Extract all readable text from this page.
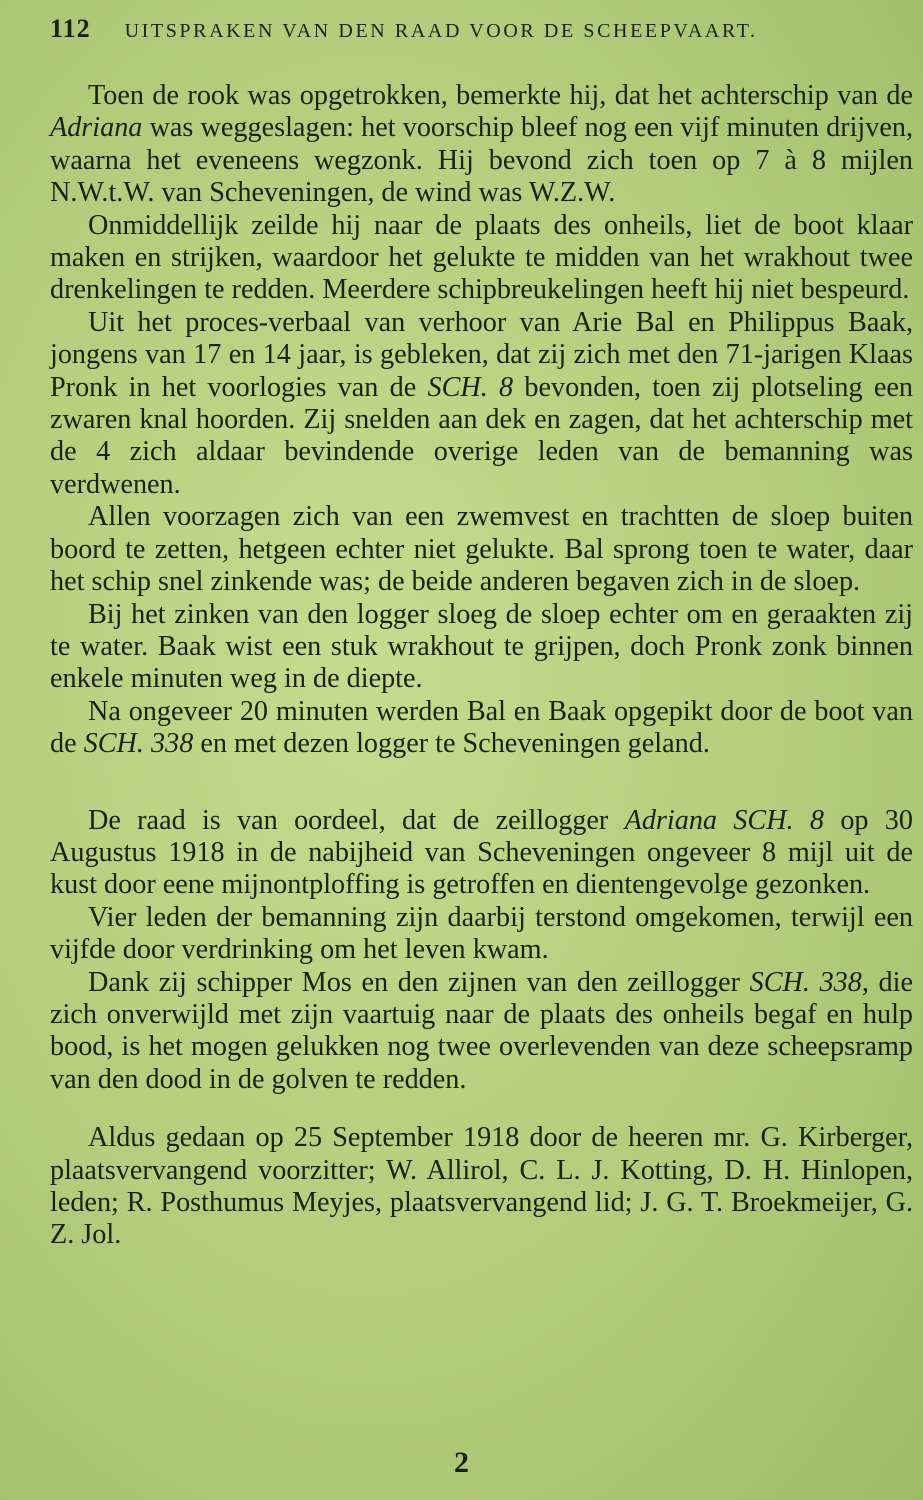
112 UITSPRAKEN VAN DEN RAAD VOOR DE SCHEEPVAART.

Toen de rook was opgetrokken, bemerkte hij, dat het achterschip van de Adriana was weggeslagen: het voorschip bleef nog een vijf minuten drijven, waarna het eveneens wegzonk. Hij bevond zich toen op 7 à 8 mijlen N.W.t.W. van Scheveningen, de wind was W.Z.W.

Onmiddellijk zeilde hij naar de plaats des onheils, liet de boot klaar maken en strijken, waardoor het gelukte te midden van het wrakhout twee drenkelingen te redden. Meerdere schipbreukelingen heeft hij niet bespeurd.

Uit het proces-verbaal van verhoor van Arie Bal en Philippus Baak, jongens van 17 en 14 jaar, is gebleken, dat zij zich met den 71-jarigen Klaas Pronk in het voorlogies van de SCH. 8 bevonden, toen zij plotseling een zwaren knal hoorden. Zij snelden aan dek en zagen, dat het achterschip met de 4 zich aldaar bevindende overige leden van de bemanning was verdwenen.

Allen voorzagen zich van een zwemvest en trachtten de sloep buiten boord te zetten, hetgeen echter niet gelukte. Bal sprong toen te water, daar het schip snel zinkende was; de beide anderen begaven zich in de sloep.

Bij het zinken van den logger sloeg de sloep echter om en geraakten zij te water. Baak wist een stuk wrakhout te grijpen, doch Pronk zonk binnen enkele minuten weg in de diepte.

Na ongeveer 20 minuten werden Bal en Baak opgepikt door de boot van de SCH. 338 en met dezen logger te Scheveningen geland.

De raad is van oordeel, dat de zeillogger Adriana SCH. 8 op 30 Augustus 1918 in de nabijheid van Scheveningen ongeveer 8 mijl uit de kust door eene mijnontploffing is getroffen en dientengevolge gezonken.

Vier leden der bemanning zijn daarbij terstond omgekomen, terwijl een vijfde door verdrinking om het leven kwam.

Dank zij schipper Mos en den zijnen van den zeillogger SCH. 338, die zich onverwijld met zijn vaartuig naar de plaats des onheils begaf en hulp bood, is het mogen gelukken nog twee overlevenden van deze scheepsramp van den dood in de golven te redden.

Aldus gedaan op 25 September 1918 door de heeren mr. G. Kirberger, plaatsvervangend voorzitter; W. Allirol, C. L. J. Kotting, D. H. Hinlopen, leden; R. Posthumus Meyjes, plaatsvervangend lid; J. G. T. Broekmeijer, G. Z. Jol.

2
